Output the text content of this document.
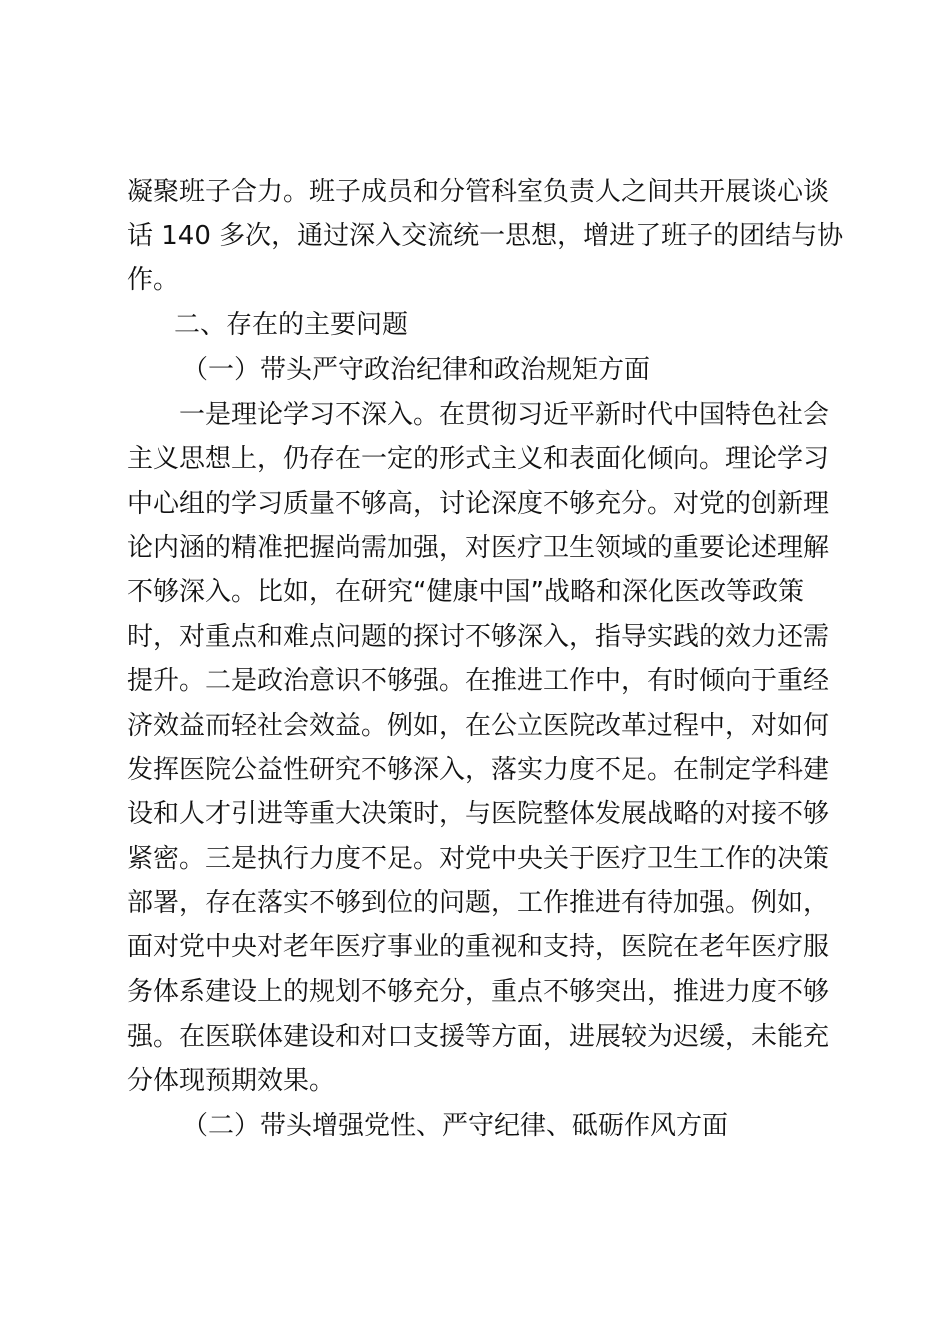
凝聚班子合力。班子成员和分管科室负责人之间共开展谈心谈
话 140 多次，通过深入交流统一思想，增进了班子的团结与协
作。
二、存在的主要问题
（一）带头严守政治纪律和政治规矩方面
一是理论学习不深入。在贯彻习近平新时代中国特色社会
主义思想上，仍存在一定的形式主义和表面化倾向。理论学习
中心组的学习质量不够高，讨论深度不够充分。对党的创新理
论内涵的精准把握尚需加强，对医疗卫生领域的重要论述理解
不够深入。比如，在研究“健康中国”战略和深化医改等政策
时，对重点和难点问题的探讨不够深入，指导实践的效力还需
提升。二是政治意识不够强。在推进工作中，有时倾向于重经
济效益而轻社会效益。例如，在公立医院改革过程中，对如何
发挥医院公益性研究不够深入，落实力度不足。在制定学科建
设和人才引进等重大决策时，与医院整体发展战略的对接不够
紧密。三是执行力度不足。对党中央关于医疗卫生工作的决策
部署，存在落实不够到位的问题，工作推进有待加强。例如，
面对党中央对老年医疗事业的重视和支持，医院在老年医疗服
务体系建设上的规划不够充分，重点不够突出，推进力度不够
强。在医联体建设和对口支援等方面，进展较为迟缓，未能充
分体现预期效果。
（二）带头增强党性、严守纪律、砥砺作风方面
